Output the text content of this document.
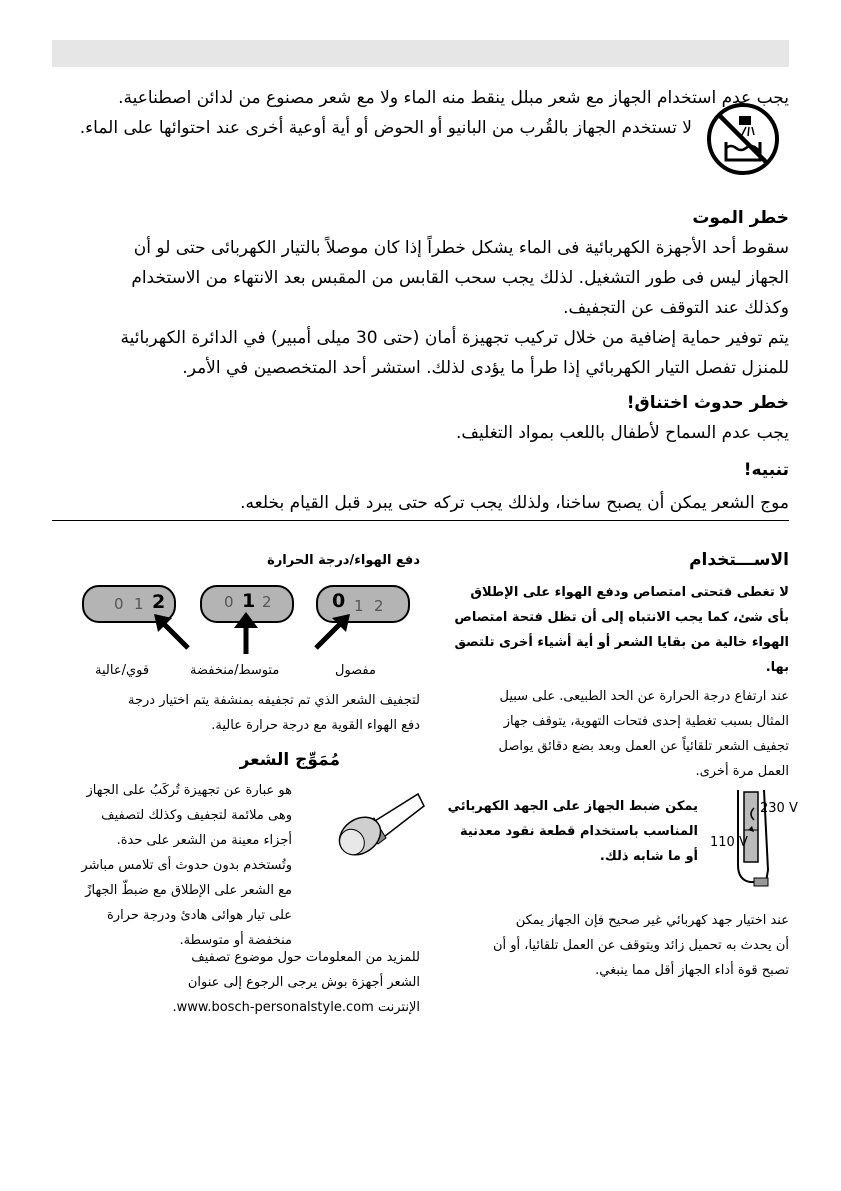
يجب عدم استخدام الجهاز مع شعر مبلل ينقط منه الماء ولا مع شعر مصنوع من لدائن اصطناعية.
لا تستخدم الجهاز بالقُرب من البانيو أو الحوض أو أية أوعية أخرى عند احتوائها على الماء.
خطر الموت
سقوط أحد الأجهزة الكهربائية فى الماء يشكل خطراً إذا كان موصلاً بالتيار الكهربائى حتى لو أن
الجهاز ليس فى طور التشغيل. لذلك يجب سحب القابس من المقبس بعد الانتهاء من الاستخدام
وكذلك عند التوقف عن التجفيف.
يتم توفير حماية إضافية من خلال تركيب تجهيزة أمان (حتى 30 ميلى أمبير) في الدائرة الكهربائية
للمنزل تفصل التيار الكهربائي إذا طرأ ما يؤدى لذلك. استشر أحد المتخصصين في الأمر.
خطر حدوث اختناق!
يجب عدم السماح لأطفال باللعب بمواد التغليف.
تنبيه!
موج الشعر يمكن أن يصبح ساخنا، ولذلك يجب تركه حتى يبرد قبل القيام بخلعه.
الاســـتخدام
لا تغطى فتحتى امتصاص ودفع الهواء على الإطلاق
بأى شئ، كما يجب الانتباه إلى أن تظل فتحة امتصاص
الهواء خالية من بقايا الشعر أو أية أشياء أخرى تلتصق
بها.
عند ارتفاع درجة الحرارة عن الحد الطبيعى. على سبيل
المثال بسبب تغطية إحدى فتحات التهوية، يتوقف جهاز
تجفيف الشعر تلقائياً عن العمل وبعد بضع دقائق يواصل
العمل مرة أخرى.
230 V
110 V
يمكن ضبط الجهاز على الجهد الكهربائي
المناسب باستخدام قطعة نقود معدنية
أو ما شابه ذلك.
عند اختيار جهد كهربائي غير صحيح فإن الجهاز يمكن
أن يحدث به تحميل زائد ويتوقف عن العمل تلقائيا، أو أن
تصبح قوة أداء الجهاز أقل مما ينبغي.
دفع الهواء/درجة الحرارة
0 1 2	0 1 2	0 1 2
قوي/عالية	متوسط/منخفضة	مفصول
لتجفيف الشعر الذي تم تجفيفه بمنشفة يتم اختيار درجة
دفع الهواء القوية مع درجة حرارة عالية.
مُمَوِّج الشعر
هو عبارة عن تجهيزة تُركَبُ على الجهاز
وهى ملائمة لتجفيف وكذلك لتصفيف
أجزاء معينة من الشعر على حدة.
وتُستخدم بدون حدوث أى تلامس مباشر
مع الشعر على الإطلاق مع ضبطّ الجهازً
على تيار هوائى هادئ ودرجة حرارة
منخفضة أو متوسطة.
للمزيد من المعلومات حول موضوع تصفيف
الشعر أجهزة بوش يرجى الرجوع إلى عنوان
الإنترنت www.bosch-personalstyle.com.
